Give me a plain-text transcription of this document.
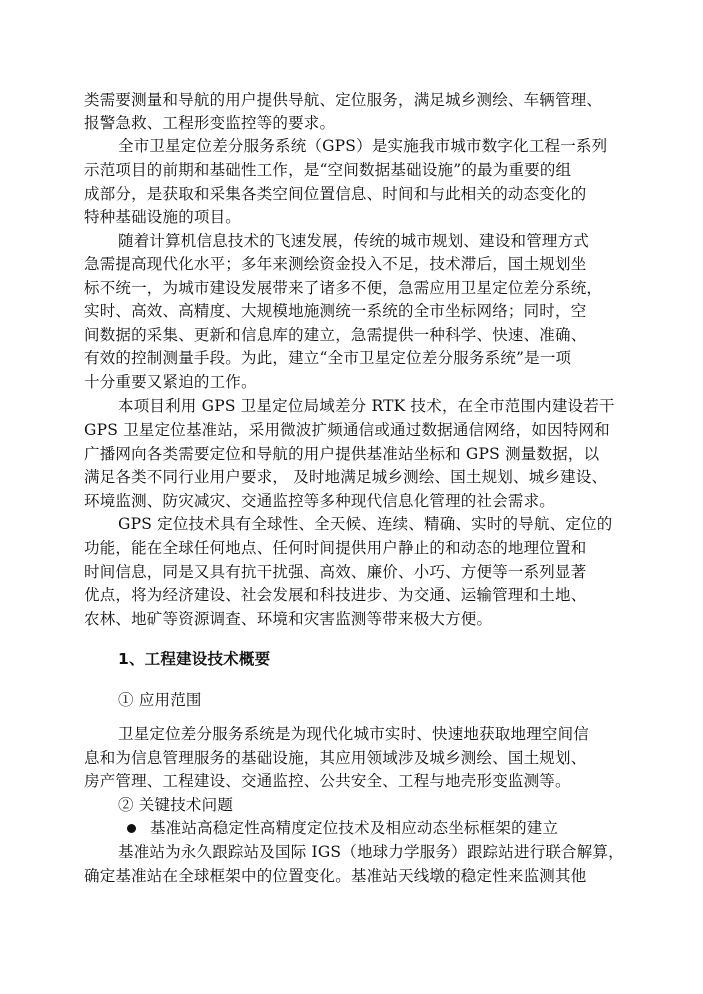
类需要测量和导航的用户提供导航、定位服务，满足城乡测绘、车辆管理、
报警急救、工程形变监控等的要求。
全市卫星定位差分服务系统（GPS）是实施我市城市数字化工程一系列
示范项目的前期和基础性工作，是“空间数据基础设施”的最为重要的组
成部分，是获取和采集各类空间位置信息、时间和与此相关的动态变化的
特种基础设施的项目。
随着计算机信息技术的飞速发展，传统的城市规划、建设和管理方式
急需提高现代化水平；多年来测绘资金投入不足，技术滞后，国土规划坐
标不统一，为城市建设发展带来了诸多不便，急需应用卫星定位差分系统，
实时、高效、高精度、大规模地施测统一系统的全市坐标网络；同时，空
间数据的采集、更新和信息库的建立，急需提供一种科学、快速、准确、
有效的控制测量手段。为此，建立“全市卫星定位差分服务系统”是一项
十分重要又紧迫的工作。
本项目利用 GPS 卫星定位局域差分 RTK 技术，在全市范围内建设若干
GPS 卫星定位基准站，采用微波扩频通信或通过数据通信网络，如因特网和
广播网向各类需要定位和导航的用户提供基准站坐标和 GPS 测量数据，以
满足各类不同行业用户要求， 及时地满足城乡测绘、国土规划、城乡建设、
环境监测、防灾减灾、交通监控等多种现代信息化管理的社会需求。
GPS 定位技术具有全球性、全天候、连续、精确、实时的导航、定位的
功能，能在全球任何地点、任何时间提供用户静止的和动态的地理位置和
时间信息，同是又具有抗干扰强、高效、廉价、小巧、方便等一系列显著
优点，将为经济建设、社会发展和科技进步、为交通、运输管理和土地、
农林、地矿等资源调查、环境和灾害监测等带来极大方便。
1、工程建设技术概要
① 应用范围
卫星定位差分服务系统是为现代化城市实时、快速地获取地理空间信
息和为信息管理服务的基础设施，其应用领域涉及城乡测绘、国土规划、
房产管理、工程建设、交通监控、公共安全、工程与地壳形变监测等。
② 关键技术问题
基准站高稳定性高精度定位技术及相应动态坐标框架的建立
基准站为永久跟踪站及国际 IGS（地球力学服务）跟踪站进行联合解算，
确定基准站在全球框架中的位置变化。基准站天线墩的稳定性来监测其他
